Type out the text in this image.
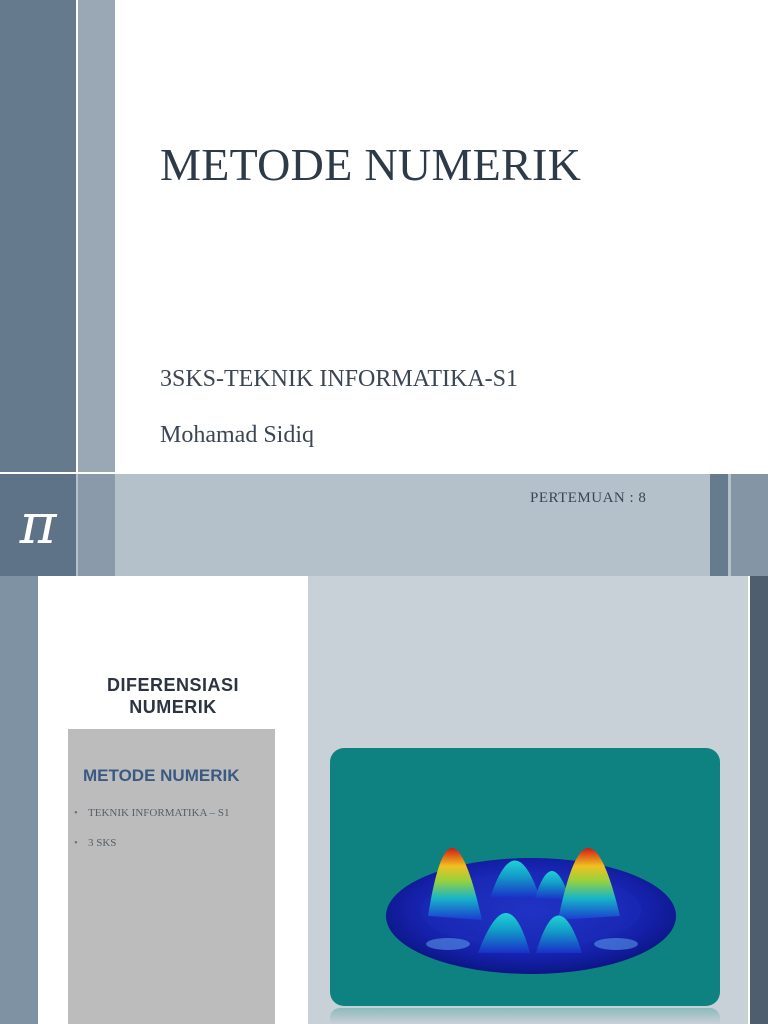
π
METODE NUMERIK
3SKS-TEKNIK INFORMATIKA-S1
Mohamad Sidiq
PERTEMUAN : 8
DIFERENSIASI
NUMERIK
METODE NUMERIK
• TEKNIK INFORMATIKA – S1
• 3 SKS
